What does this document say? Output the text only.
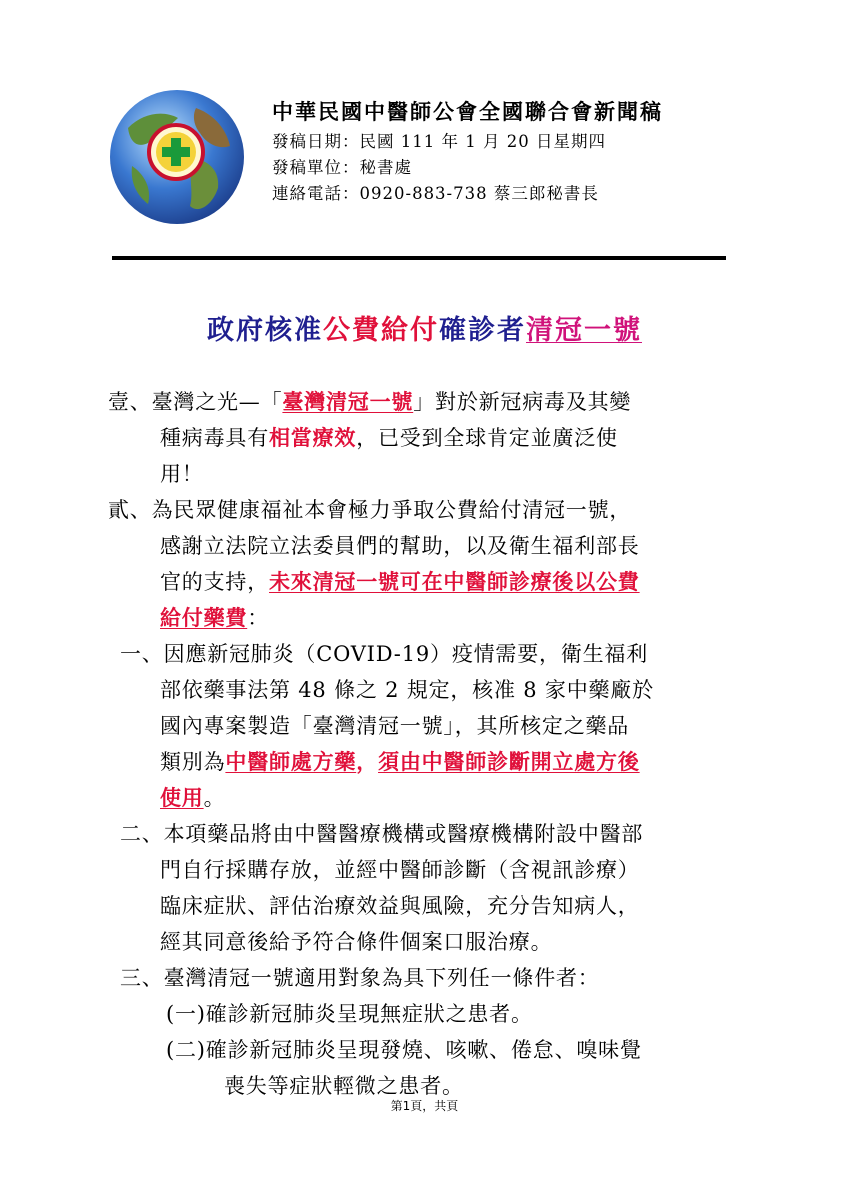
中華民國中醫師公會全國聯合會新聞稿
發稿日期：民國 111 年 1 月 20 日星期四
發稿單位：秘書處
連絡電話：0920-883-738 蔡三郎秘書長
政府核准公費給付確診者清冠一號
壹、臺灣之光—「臺灣清冠一號」對於新冠病毒及其變
種病毒具有相當療效，已受到全球肯定並廣泛使
用！
貳、為民眾健康福祉本會極力爭取公費給付清冠一號，
感謝立法院立法委員們的幫助，以及衛生福利部長
官的支持，未來清冠一號可在中醫師診療後以公費
給付藥費：
一、因應新冠肺炎（COVID-19）疫情需要，衛生福利
部依藥事法第 48 條之 2 規定，核准 8 家中藥廠於
國內專案製造「臺灣清冠一號」，其所核定之藥品
類別為中醫師處方藥，須由中醫師診斷開立處方後
使用。
二、本項藥品將由中醫醫療機構或醫療機構附設中醫部
門自行採購存放，並經中醫師診斷（含視訊診療）
臨床症狀、評估治療效益與風險，充分告知病人，
經其同意後給予符合條件個案口服治療。
三、臺灣清冠一號適用對象為具下列任一條件者：
(一)確診新冠肺炎呈現無症狀之患者。
(二)確診新冠肺炎呈現發燒、咳嗽、倦怠、嗅味覺
喪失等症狀輕微之患者。
第1頁，共頁
